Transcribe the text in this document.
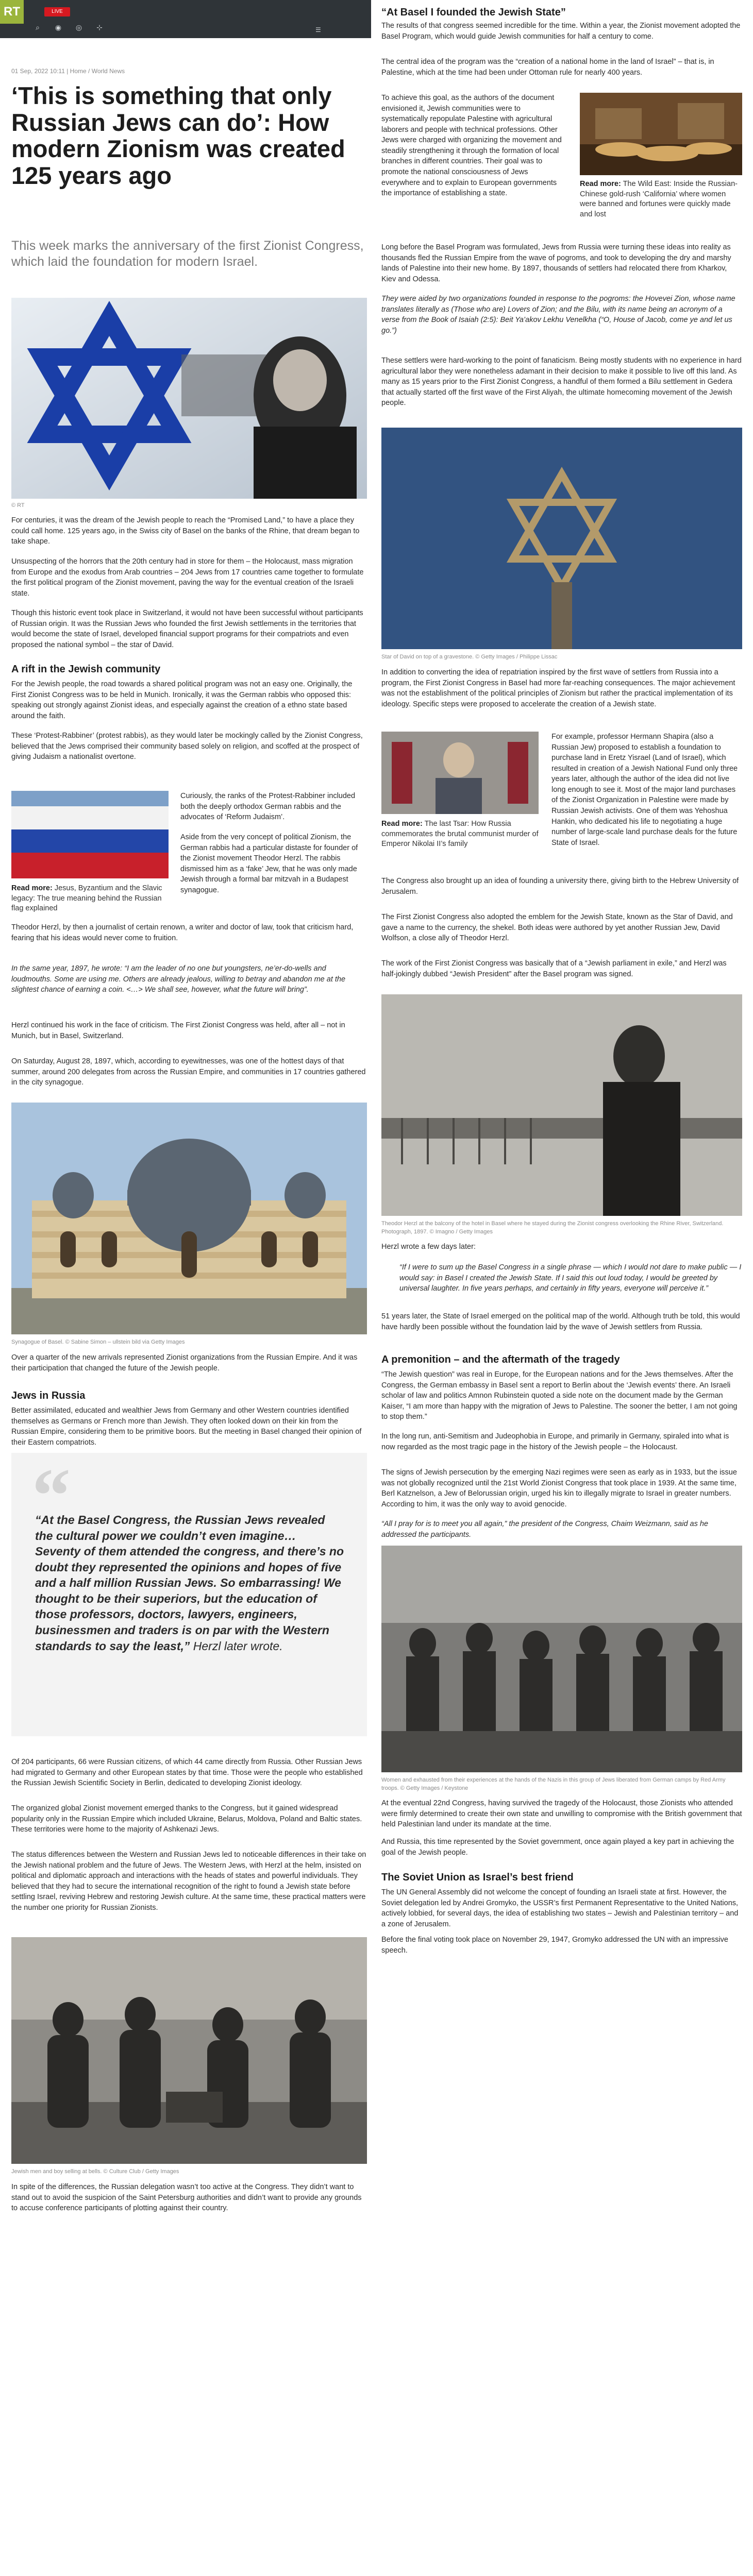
RT	LIVE
⌕	◉ ◎ ⊹	☰
01 Sep, 2022 10:11 | Home / World News
‘This is something that only Russian Jews can do’: How modern Zionism was created 125 years ago

This week marks the anniversary of the first Zionist Congress, which laid the foundation for modern Israel.

© RT

For centuries, it was the dream of the Jewish people to reach the “Promised Land,” to have a place they could call home. 125 years ago, in the Swiss city of Basel on the banks of the Rhine, that dream began to take shape.

Unsuspecting of the horrors that the 20th century had in store for them – the Holocaust, mass migration from Europe and the exodus from Arab countries – 204 Jews from 17 countries came together to formulate the first political program of the Zionist movement, paving the way for the eventual creation of the Israeli state.

Though this historic event took place in Switzerland, it would not have been successful without participants of Russian origin. It was the Russian Jews who founded the first Jewish settlements in the territories that would become the state of Israel, developed financial support programs for their compatriots and even proposed the national symbol – the star of David.

A rift in the Jewish community

For the Jewish people, the road towards a shared political program was not an easy one. Originally, the First Zionist Congress was to be held in Munich. Ironically, it was the German rabbis who opposed this: speaking out strongly against Zionist ideas, and especially against the creation of a ethno state based around the faith.

These ‘Protest-Rabbiner’ (protest rabbis), as they would later be mockingly called by the Zionist Congress, believed that the Jews comprised their community based solely on religion, and scoffed at the prospect of giving Judaism a nationalist overtone.

Read more: Jesus, Byzantium and the Slavic legacy: The true meaning behind the Russian flag explained

Curiously, the ranks of the Protest-Rabbiner included both the deeply orthodox German rabbis and the advocates of ‘Reform Judaism’.

Aside from the very concept of political Zionism, the German rabbis had a particular distaste for founder of the Zionist movement Theodor Herzl. The rabbis dismissed him as a ‘fake’ Jew, that he was only made Jewish through a formal bar mitzvah in a Budapest synagogue.

Theodor Herzl, by then a journalist of certain renown, a writer and doctor of law, took that criticism hard, fearing that his ideas would never come to fruition.

In the same year, 1897, he wrote: “I am the leader of no one but youngsters, ne’er-do-wells and loudmouths. Some are using me. Others are already jealous, willing to betray and abandon me at the slightest chance of earning a coin. <…> We shall see, however, what the future will bring”.

Herzl continued his work in the face of criticism. The First Zionist Congress was held, after all – not in Munich, but in Basel, Switzerland.

On Saturday, August 28, 1897, which, according to eyewitnesses, was one of the hottest days of that summer, around 200 delegates from across the Russian Empire, and communities in 17 countries gathered in the city synagogue.

Synagogue of Basel. © Sabine Simon – ullstein bild via Getty Images

Over a quarter of the new arrivals represented Zionist organizations from the Russian Empire. And it was their participation that changed the future of the Jewish people.

Jews in Russia

Better assimilated, educated and wealthier Jews from Germany and other Western countries identified themselves as Germans or French more than Jewish. They often looked down on their kin from the Russian Empire, considering them to be primitive boors. But the meeting in Basel changed their opinion of their Eastern compatriots.

“

“At the Basel Congress, the Russian Jews revealed the cultural power we couldn’t even imagine… Seventy of them attended the congress, and there’s no doubt they represented the opinions and hopes of five and a half million Russian Jews. So embarrassing! We thought to be their superiors, but the education of those professors, doctors, lawyers, engineers, businessmen and traders is on par with the Western standards to say the least,” Herzl later wrote.

Of 204 participants, 66 were Russian citizens, of which 44 came directly from Russia. Other Russian Jews had migrated to Germany and other European states by that time. Those were the people who established the Russian Jewish Scientific Society in Berlin, dedicated to developing Zionist ideology.

The organized global Zionist movement emerged thanks to the Congress, but it gained widespread popularity only in the Russian Empire which included Ukraine, Belarus, Moldova, Poland and Baltic states. These territories were home to the majority of Ashkenazi Jews.

The status differences between the Western and Russian Jews led to noticeable differences in their take on the Jewish national problem and the future of Jews. The Western Jews, with Herzl at the helm, insisted on political and diplomatic approach and interactions with the heads of states and powerful individuals. They believed that they had to secure the international recognition of the right to found a Jewish state before settling Israel, reviving Hebrew and restoring Jewish culture. At the same time, these practical matters were the number one priority for Russian Zionists.

Jewish men and boy selling at bells. © Culture Club / Getty Images

In spite of the differences, the Russian delegation wasn’t too active at the Congress. They didn’t want to stand out to avoid the suspicion of the Saint Petersburg authorities and didn’t want to provide any grounds to accuse conference participants of plotting against their country.

“At Basel I founded the Jewish State”

The results of that congress seemed incredible for the time. Within a year, the Zionist movement adopted the Basel Program, which would guide Jewish communities for half a century to come.

The central idea of the program was the “creation of a national home in the land of Israel” – that is, in Palestine, which at the time had been under Ottoman rule for nearly 400 years.

To achieve this goal, as the authors of the document envisioned it, Jewish communities were to systematically repopulate Palestine with agricultural laborers and people with technical professions. Other Jews were charged with organizing the movement and steadily strengthening it through the formation of local branches in different countries. Their goal was to promote the national consciousness of Jews everywhere and to explain to European governments the importance of establishing a state.

Read more: The Wild East: Inside the Russian-Chinese gold-rush ‘California’ where women were banned and fortunes were quickly made and lost

Long before the Basel Program was formulated, Jews from Russia were turning these ideas into reality as thousands fled the Russian Empire from the wave of pogroms, and took to developing the dry and marshy lands of Palestine into their new home. By 1897, thousands of settlers had relocated there from Kharkov, Kiev and Odessa.

They were aided by two organizations founded in response to the pogroms: the Hovevei Zion, whose name translates literally as (Those who are) Lovers of Zion; and the Bilu, with its name being an acronym of a verse from the Book of Isaiah (2:5): Beit Ya’akov Lekhu Venelkha (“O, House of Jacob, come ye and let us go.”)

These settlers were hard-working to the point of fanaticism. Being mostly students with no experience in hard agricultural labor they were nonetheless adamant in their decision to make it possible to live off this land. As many as 15 years prior to the First Zionist Congress, a handful of them formed a Bilu settlement in Gedera that actually started off the first wave of the First Aliyah, the ultimate homecoming movement of the Jewish people.

Star of David on top of a gravestone. © Getty Images / Philippe Lissac

In addition to converting the idea of repatriation inspired by the first wave of settlers from Russia into a program, the First Zionist Congress in Basel had more far-reaching consequences. The major achievement was not the establishment of the political principles of Zionism but rather the practical implementation of its ideology. Specific steps were proposed to accelerate the creation of a Jewish state.

Read more: The last Tsar: How Russia commemorates the brutal communist murder of Emperor Nikolai II’s family

For example, professor Hermann Shapira (also a Russian Jew) proposed to establish a foundation to purchase land in Eretz Yisrael (Land of Israel), which resulted in creation of a Jewish National Fund only three years later, although the author of the idea did not live long enough to see it. Most of the major land purchases of the Zionist Organization in Palestine were made by Russian Jewish activists. One of them was Yehoshua Hankin, who dedicated his life to negotiating a huge number of large-scale land purchase deals for the future State of Israel.

The Congress also brought up an idea of founding a university there, giving birth to the Hebrew University of Jerusalem.

The First Zionist Congress also adopted the emblem for the Jewish State, known as the Star of David, and gave a name to the currency, the shekel. Both ideas were authored by yet another Russian Jew, David Wolfson, a close ally of Theodor Herzl.

The work of the First Zionist Congress was basically that of a “Jewish parliament in exile,” and Herzl was half-jokingly dubbed “Jewish President” after the Basel program was signed.

Theodor Herzl at the balcony of the hotel in Basel where he stayed during the Zionist congress overlooking the Rhine River, Switzerland. Photograph, 1897. © Imagno / Getty Images

Herzl wrote a few days later:

“If I were to sum up the Basel Congress in a single phrase — which I would not dare to make public — I would say: in Basel I created the Jewish State. If I said this out loud today, I would be greeted by universal laughter. In five years perhaps, and certainly in fifty years, everyone will perceive it.”

51 years later, the State of Israel emerged on the political map of the world. Although truth be told, this would have hardly been possible without the foundation laid by the wave of Jewish settlers from Russia.

A premonition – and the aftermath of the tragedy

“The Jewish question” was real in Europe, for the European nations and for the Jews themselves. After the Congress, the German embassy in Basel sent a report to Berlin about the ‘Jewish events’ there. An Israeli scholar of law and politics Amnon Rubinstein quoted a side note on the document made by the German Kaiser, “I am more than happy with the migration of Jews to Palestine. The sooner the better, I am not going to stop them.”

In the long run, anti-Semitism and Judeophobia in Europe, and primarily in Germany, spiraled into what is now regarded as the most tragic page in the history of the Jewish people – the Holocaust.

The signs of Jewish persecution by the emerging Nazi regimes were seen as early as in 1933, but the issue was not globally recognized until the 21st World Zionist Congress that took place in 1939. At the same time, Berl Katznelson, a Jew of Belorussian origin, urged his kin to illegally migrate to Israel in greater numbers. According to him, it was the only way to avoid genocide.

“All I pray for is to meet you all again,” the president of the Congress, Chaim Weizmann, said as he addressed the participants.

Women and exhausted from their experiences at the hands of the Nazis in this group of Jews liberated from German camps by Red Army troops. © Getty Images / Keystone

At the eventual 22nd Congress, having survived the tragedy of the Holocaust, those Zionists who attended were firmly determined to create their own state and unwilling to compromise with the British government that held Palestinian land under its mandate at the time.

And Russia, this time represented by the Soviet government, once again played a key part in achieving the goal of the Jewish people.

The Soviet Union as Israel’s best friend

The UN General Assembly did not welcome the concept of founding an Israeli state at first. However, the Soviet delegation led by Andrei Gromyko, the USSR’s first Permanent Representative to the United Nations, actively lobbied, for several days, the idea of establishing two states – Jewish and Palestinian territory – and a zone of Jerusalem.

Before the final voting took place on November 29, 1947, Gromyko addressed the UN with an impressive speech.
